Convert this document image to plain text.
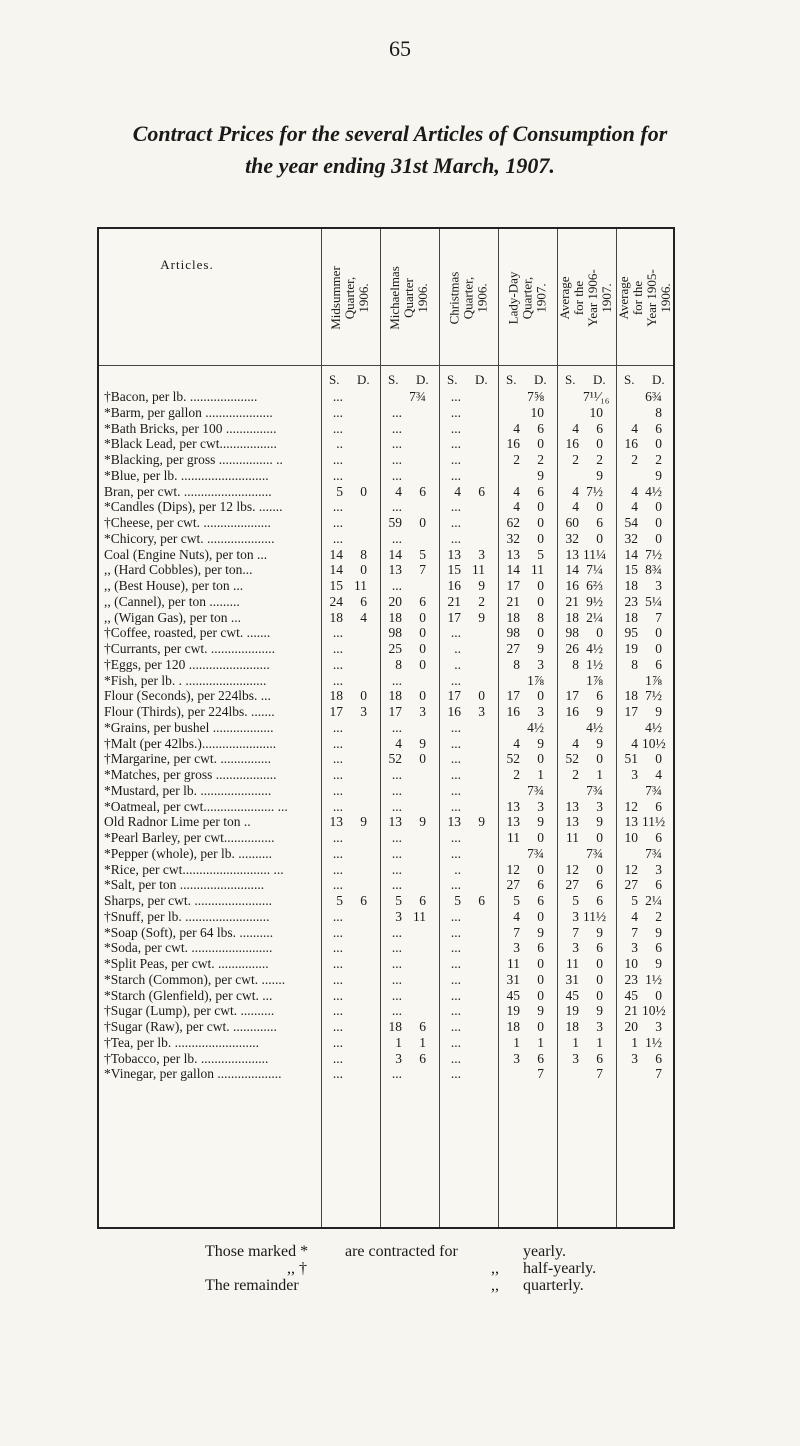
65
Contract Prices for the several Articles of Consumption for
the year ending 31st March, 1907.
Articles.
Midsummer
Quarter,
1906. Michaelmas
Quarter
1906. Christmas
Quarter,
1906. Lady-Day
Quarter,
1907. Average
for the
Year 1906-
1907. Average
for the
Year 1905-
1906.
S. D. S. D. S. D. S. D. S. D. S. D.
†Bacon, per lb. ....................	...	7¾	...	7⅝	7¹¹⁄₁₆	6¾
*Barm, per gallon ....................	...	...	...	10	10	8
*Bath Bricks, per 100 ...............	...	...	...	4	6	4	6	4	6
*Black Lead, per cwt.................	..	...	...	16	0	16	0	16	0
*Blacking, per gross ................ ..	...	...	...	2	2	2	2	2	2
*Blue, per lb. ..........................	...	...	...	9	9	9
Bran, per cwt. ..........................	5	0	4	6	4	6	4	6	4 7½	4 4½
*Candles (Dips), per 12 lbs. .......	...	...	...	4	0	4	0	4	0
†Cheese, per cwt. ....................	...	59	0	...	62	0	60	6	54	0
*Chicory, per cwt. ....................	...	...	...	32	0	32	0	32	0
Coal (Engine Nuts), per ton ...	14	8	14	5	13	3	13	5	13 11¼	14 7½
,, (Hard Cobbles), per ton...	14	0	13	7	15 11	14 11	14 7¼	15 8¾
,, (Best House), per ton ...	15 11	...	16	9	17	0	16 6⅔	18	3
,, (Cannel), per ton .........	24	6	20	6	21	2	21	0	21 9½	23 5¼
,, (Wigan Gas), per ton ...	18	4	18	0	17	9	18	8	18 2¼	18	7
†Coffee, roasted, per cwt. .......	...	98	0	...	98	0	98	0	95	0
†Currants, per cwt. ...................	...	25	0	..	27	9	26 4½	19	0
†Eggs, per 120 ........................	...	8	0	..	8	3	8 1½	8	6
*Fish, per lb. . ........................	...	...	...	1⅞	1⅞	1⅞
Flour (Seconds), per 224lbs. ...	18	0	18	0	17	0	17	0	17	6	18 7½
Flour (Thirds), per 224lbs. .......	17	3	17	3	16	3	16	3	16	9	17	9
*Grains, per bushel ..................	...	...	...	4½	4½	4½
†Malt (per 42lbs.)......................	...	4	9	...	4	9	4	9	4 10½
†Margarine, per cwt. ...............	...	52	0	...	52	0	52	0	51	0
*Matches, per gross ..................	...	...	...	2	1	2	1	3	4
*Mustard, per lb. .....................	...	...	...	7¾	7¾	7¾
*Oatmeal, per cwt..................... ...	...	...	...	13	3	13	3	12	6
Old Radnor Lime per ton ..	13	9	13	9	13	9	13	9	13	9	13 11½
*Pearl Barley, per cwt...............	...	...	...	11	0	11	0	10	6
*Pepper (whole), per lb. ..........	...	...	...	7¾	7¾	7¾
*Rice, per cwt.......................... ...	...	...	..	12	0	12	0	12	3
*Salt, per ton .........................	...	...	...	27	6	27	6	27	6
Sharps, per cwt. .......................	5	6	5	6	5	6	5	6	5	6	5 2¼
†Snuff, per lb. .........................	...	3 11	...	4	0	3 11½	4	2
*Soap (Soft), per 64 lbs. ..........	...	...	...	7	9	7	9	7	9
*Soda, per cwt. ........................	...	...	...	3	6	3	6	3	6
*Split Peas, per cwt. ...............	...	...	...	11	0	11	0	10	9
*Starch (Common), per cwt. .......	...	...	...	31	0	31	0	23 1½
*Starch (Glenfield), per cwt. ...	...	...	...	45	0	45	0	45	0
†Sugar (Lump), per cwt. ..........	...	...	...	19	9	19	9	21 10½
†Sugar (Raw), per cwt. .............	...	18	6	...	18	0	18	3	20	3
†Tea, per lb. .........................	...	1	1	...	1	1	1	1	1 1½
†Tobacco, per lb. ....................	...	3	6	...	3	6	3	6	3	6
*Vinegar, per gallon ...................	...	...	...	7	7	7
Those marked * are contracted for	yearly.
,, †	,, half-yearly.
The remainder	,, quarterly.
